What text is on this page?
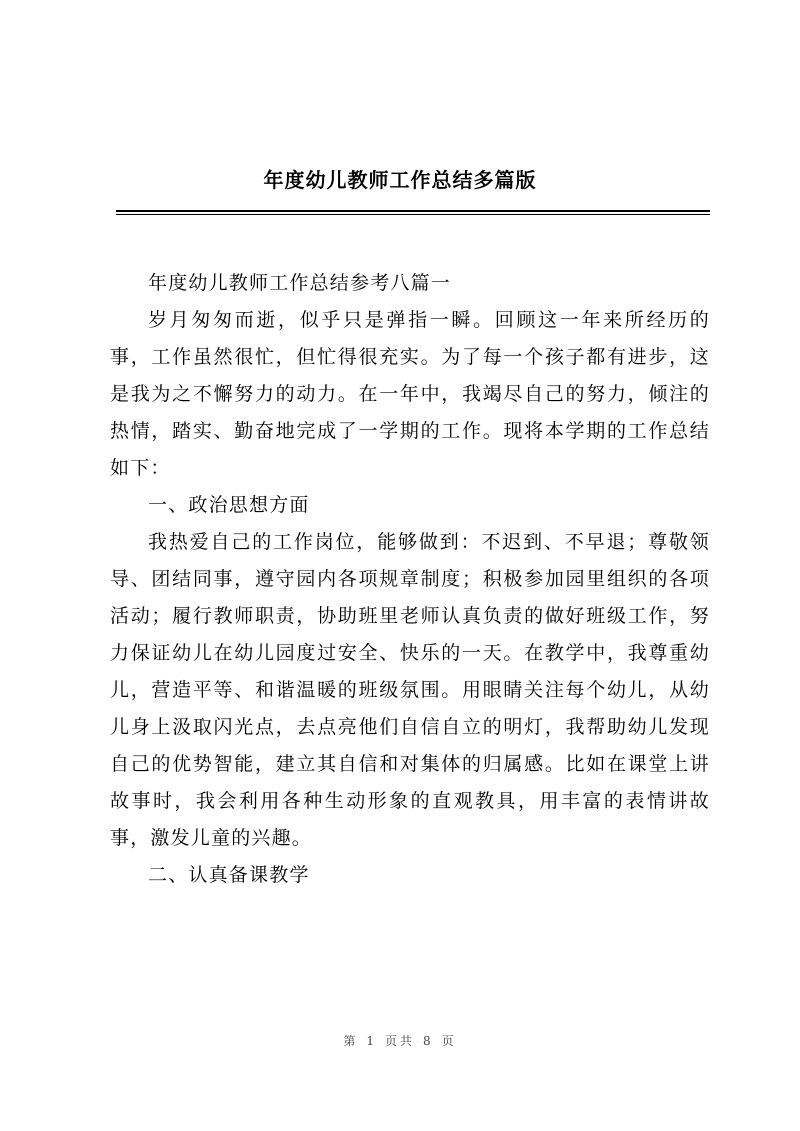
年度幼儿教师工作总结多篇版

年度幼儿教师工作总结参考八篇一

岁月匆匆而逝，似乎只是弹指一瞬。回顾这一年来所经历的事，工作虽然很忙，但忙得很充实。为了每一个孩子都有进步，这是我为之不懈努力的动力。在一年中，我竭尽自己的努力，倾注的热情，踏实、勤奋地完成了一学期的工作。现将本学期的工作总结如下：

一、政治思想方面

我热爱自己的工作岗位，能够做到：不迟到、不早退；尊敬领导、团结同事，遵守园内各项规章制度；积极参加园里组织的各项活动；履行教师职责，协助班里老师认真负责的做好班级工作，努力保证幼儿在幼儿园度过安全、快乐的一天。在教学中，我尊重幼儿，营造平等、和谐温暖的班级氛围。用眼睛关注每个幼儿，从幼儿身上汲取闪光点，去点亮他们自信自立的明灯，我帮助幼儿发现自己的优势智能，建立其自信和对集体的归属感。比如在课堂上讲故事时，我会利用各种生动形象的直观教具，用丰富的表情讲故事，激发儿童的兴趣。

二、认真备课教学

第 1 页共 8 页
